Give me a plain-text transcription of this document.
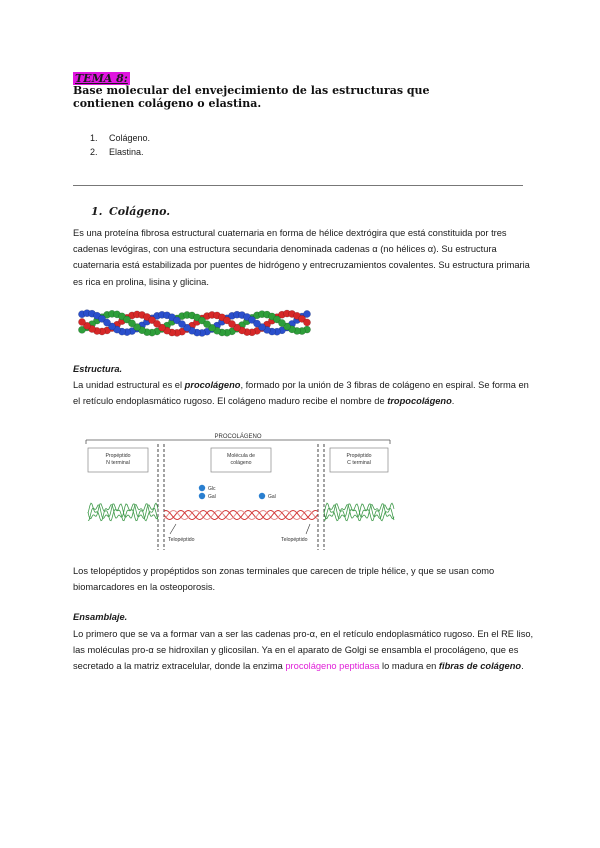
TEMA 8:
Base molecular del envejecimiento de las estructuras que contienen colágeno o elastina.
1.	Colágeno.
2.	Elastina.
1. Colágeno.
Es una proteína fibrosa estructural cuaternaria en forma de hélice dextrógira que está constituida por tres cadenas levógiras, con una estructura secundaria denominada cadenas α (no hélices α). Su estructura cuaternaria está estabilizada por puentes de hidrógeno y entrecruzamientos covalentes. Su estructura primaria es rica en prolina, lisina y glicina.
Estructura.
La unidad estructural es el procolágeno, formado por la unión de 3 fibras de colágeno en espiral. Se forma en el retículo endoplasmático rugoso. El colágeno maduro recibe el nombre de tropocolágeno.
PROCOLÁGENO
Propéptido N terminal
Molécula de colágeno
Propéptido C terminal
Glc
Gal	Gal
Telopéptido	Telopéptido
Los telopéptidos y propéptidos son zonas terminales que carecen de triple hélice, y que se usan como biomarcadores en la osteoporosis.
Ensamblaje.
Lo primero que se va a formar van a ser las cadenas pro-α, en el retículo endoplasmático rugoso. En el RE liso, las moléculas pro-α se hidroxilan y glicosilan. Ya en el aparato de Golgi se ensambla el procolágeno, que es secretado a la matriz extracelular, donde la enzima procolágeno peptidasa lo madura en fibras de colágeno.
